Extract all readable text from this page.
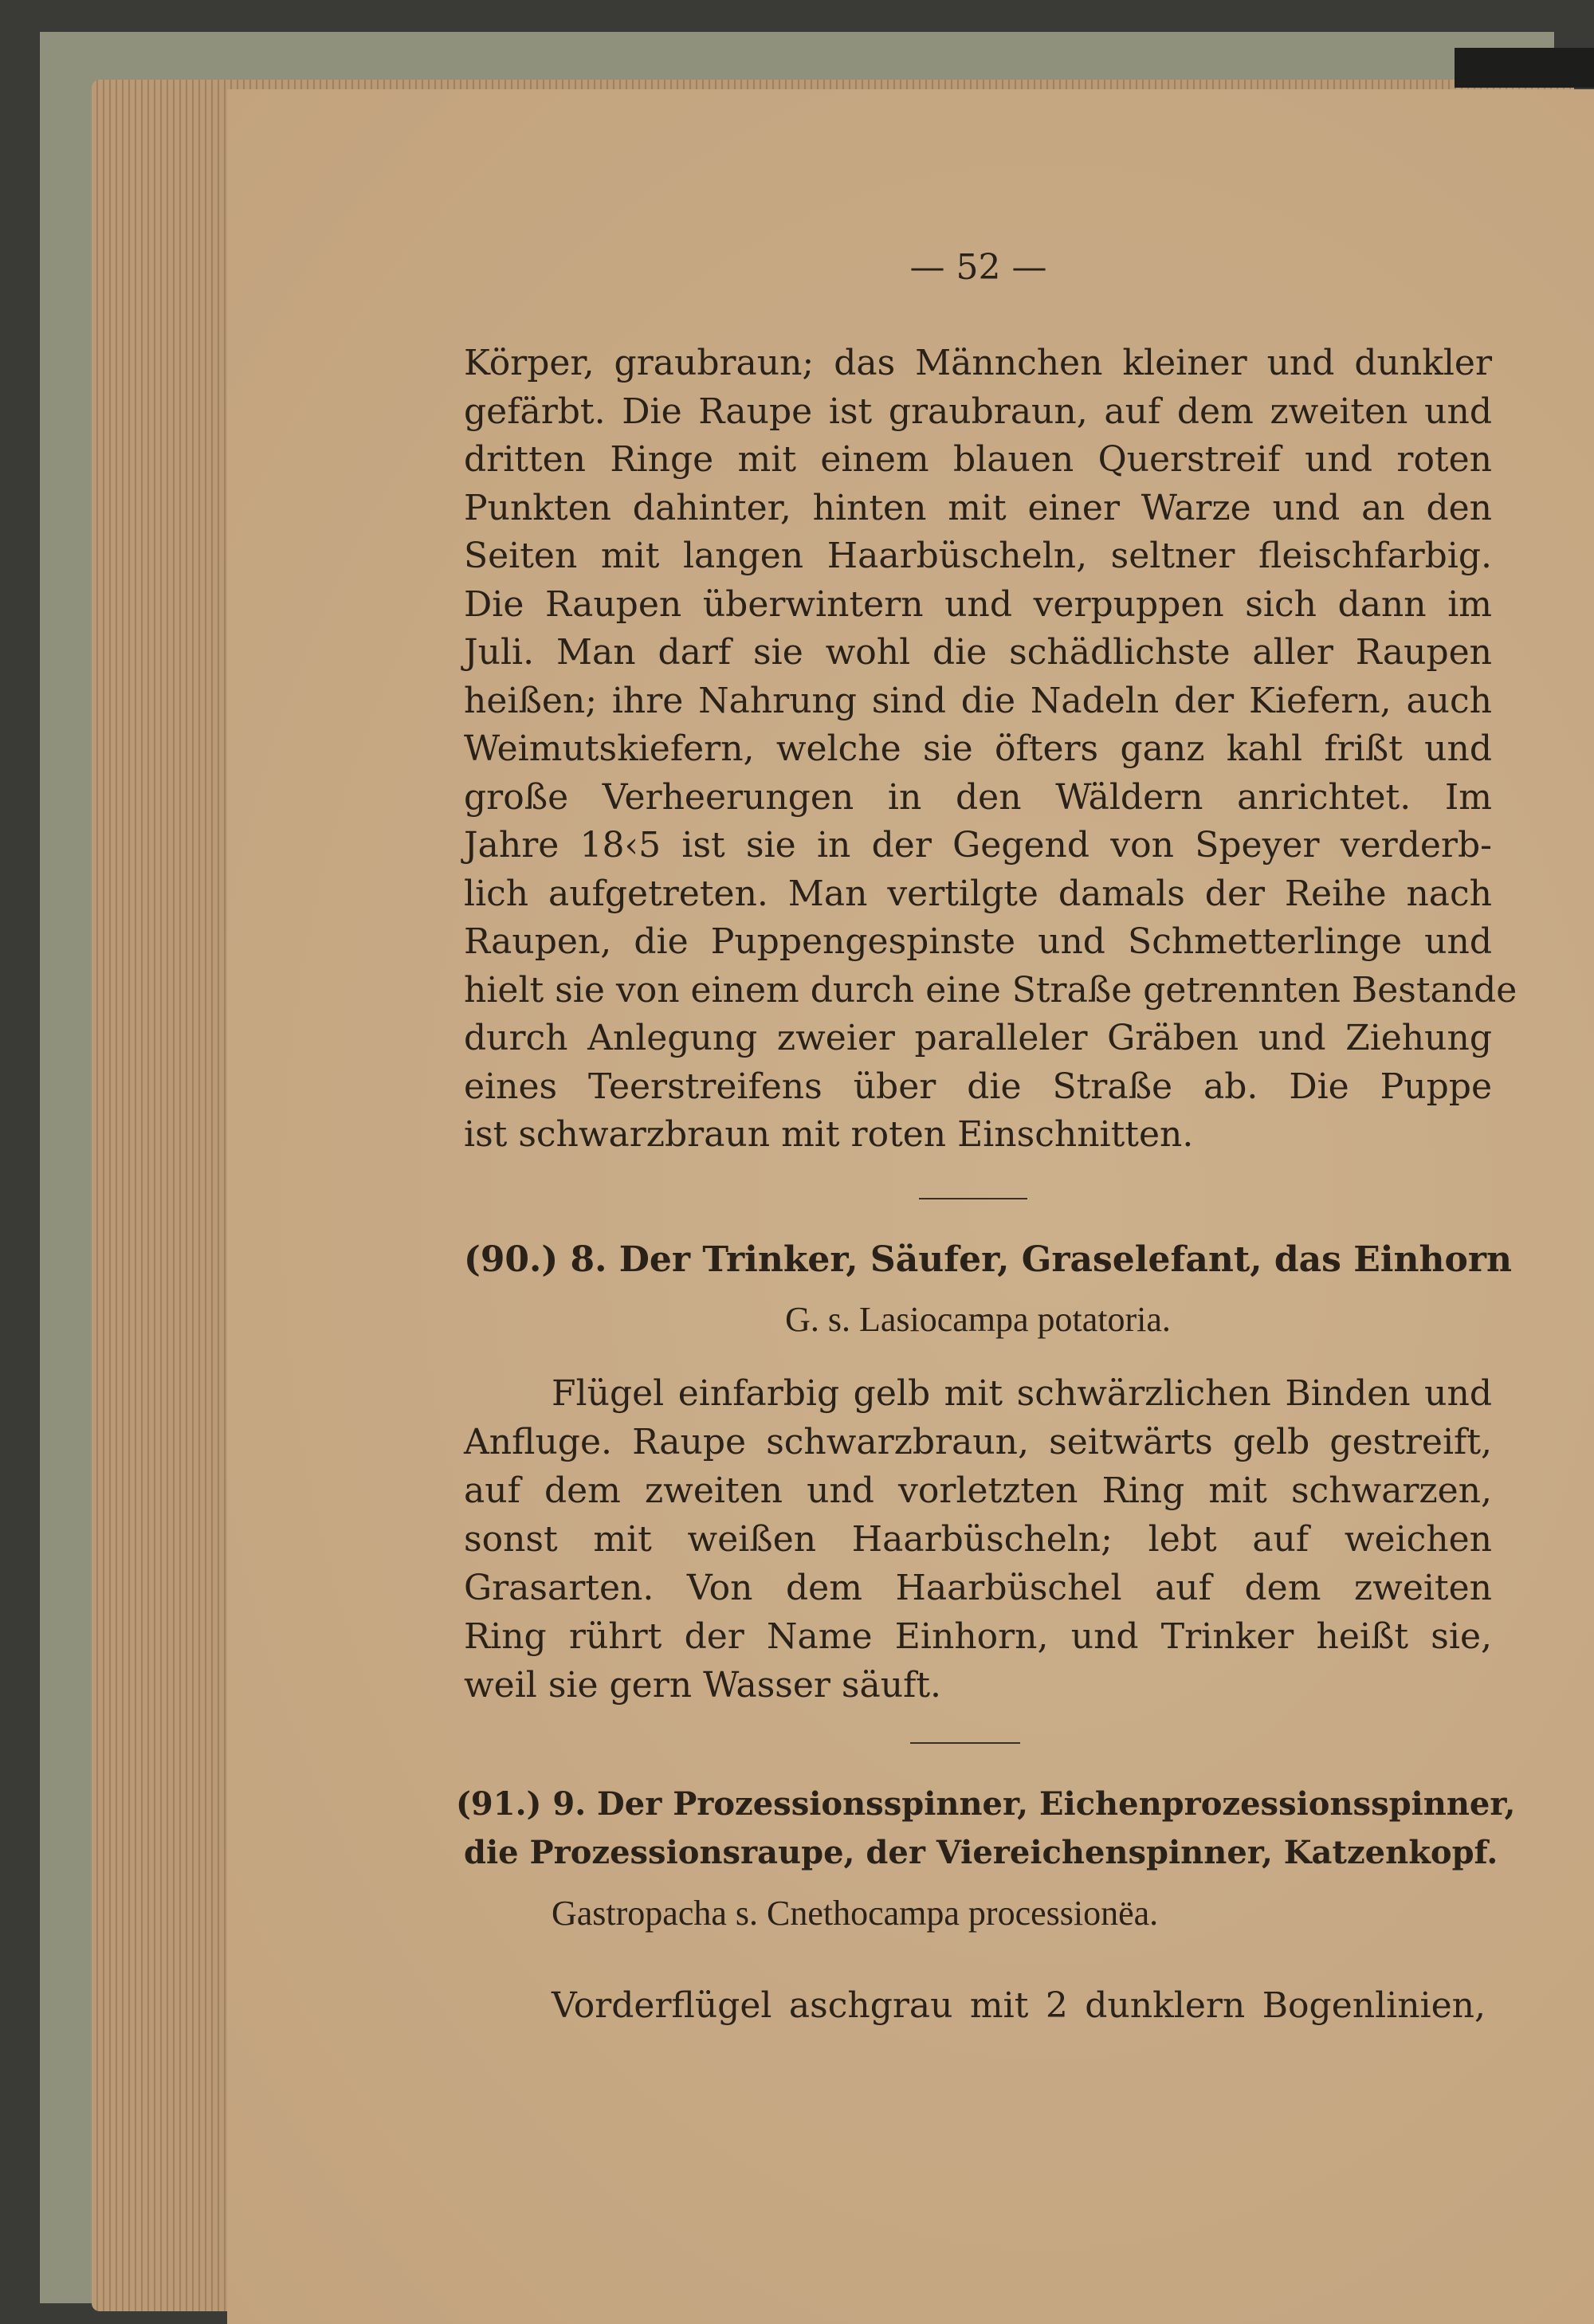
— 52 —
Körper, graubraun; das Männchen kleiner und dunkler
gefärbt. Die Raupe ist graubraun, auf dem zweiten und
dritten Ringe mit einem blauen Querstreif und roten
Punkten dahinter, hinten mit einer Warze und an den
Seiten mit langen Haarbüscheln, seltner fleischfarbig.
Die Raupen überwintern und verpuppen sich dann im
Juli. Man darf sie wohl die schädlichste aller Raupen
heißen; ihre Nahrung sind die Nadeln der Kiefern, auch
Weimutskiefern, welche sie öfters ganz kahl frißt und
große Verheerungen in den Wäldern anrichtet. Im
Jahre 18‹5 ist sie in der Gegend von Speyer verderb-
lich aufgetreten. Man vertilgte damals der Reihe nach
Raupen, die Puppengespinste und Schmetterlinge und
hielt sie von einem durch eine Straße getrennten Bestande
durch Anlegung zweier paralleler Gräben und Ziehung
eines Teerstreifens über die Straße ab. Die Puppe
ist schwarzbraun mit roten Einschnitten.
(90.) 8. Der Trinker, Säufer, Graselefant, das Einhorn
G. s. Lasiocampa potatoria.
Flügel einfarbig gelb mit schwärzlichen Binden und
Anfluge. Raupe schwarzbraun, seitwärts gelb gestreift,
auf dem zweiten und vorletzten Ring mit schwarzen,
sonst mit weißen Haarbüscheln; lebt auf weichen
Grasarten. Von dem Haarbüschel auf dem zweiten
Ring rührt der Name Einhorn, und Trinker heißt sie,
weil sie gern Wasser säuft.
(91.) 9. Der Prozessionsspinner, Eichenprozessionsspinner,
die Prozessionsraupe, der Viereichenspinner, Katzenkopf.
Gastropacha s. Cnethocampa processionëa.
Vorderflügel aschgrau mit 2 dunklern Bogenlinien,
